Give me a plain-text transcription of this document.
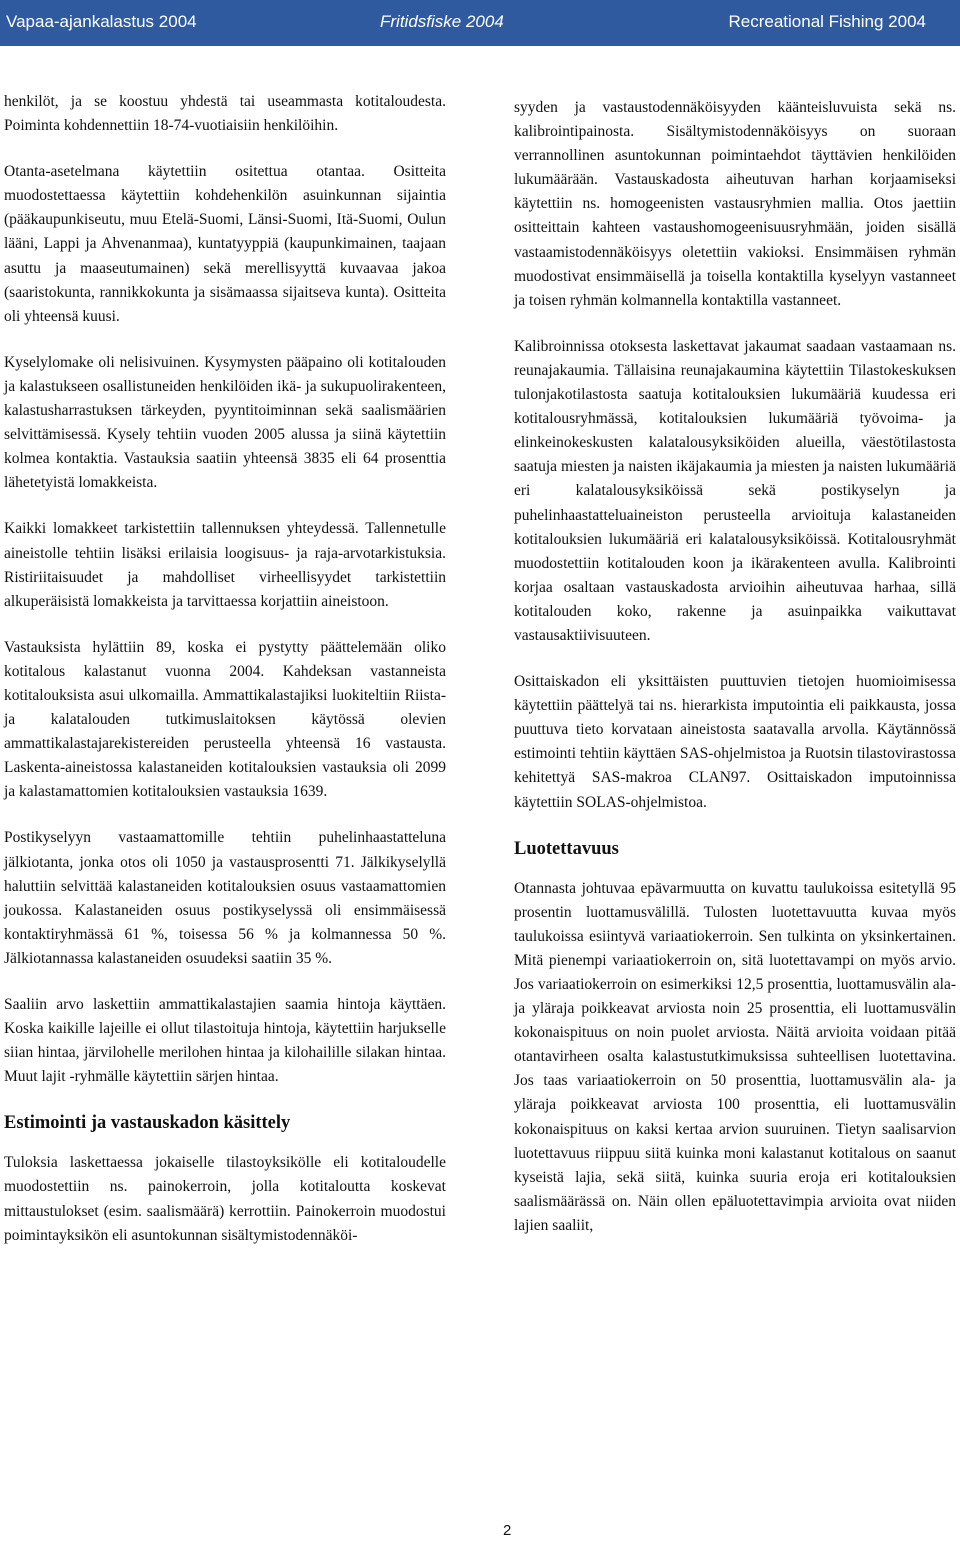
Vapaa-ajankalastus 2004	Fritidsfiske 2004	Recreational Fishing 2004

henkilöt, ja se koostuu yhdestä tai useammasta kotitaloudesta. Poiminta kohdennettiin 18-74-vuotiaisiin henkilöihin.

Otanta-asetelmana käytettiin ositettua otantaa. Ositteita muodostettaessa käytettiin kohdehenkilön asuinkunnan sijaintia (pääkaupunkiseutu, muu Etelä-Suomi, Länsi-Suomi, Itä-Suomi, Oulun lääni, Lappi ja Ahvenanmaa), kuntatyyppiä (kaupunkimainen, taajaan asuttu ja maaseutumainen) sekä merellisyyttä kuvaavaa jakoa (saaristokunta, rannikkokunta ja sisämaassa sijaitseva kunta). Ositteita oli yhteensä kuusi.

Kyselylomake oli nelisivuinen. Kysymysten pääpaino oli kotitalouden ja kalastukseen osallistuneiden henkilöiden ikä- ja sukupuolirakenteen, kalastusharrastuksen tärkeyden, pyyntitoiminnan sekä saalismäärien selvittämisessä. Kysely tehtiin vuoden 2005 alussa ja siinä käytettiin kolmea kontaktia. Vastauksia saatiin yhteensä 3835 eli 64 prosenttia lähetetyistä lomakkeista.

Kaikki lomakkeet tarkistettiin tallennuksen yhteydessä. Tallennetulle aineistolle tehtiin lisäksi erilaisia loogisuus- ja raja-arvotarkistuksia. Ristiriitaisuudet ja mahdolliset virheellisyydet tarkistettiin alkuperäisistä lomakkeista ja tarvittaessa korjattiin aineistoon.

Vastauksista hylättiin 89, koska ei pystytty päättelemään oliko kotitalous kalastanut vuonna 2004. Kahdeksan vastanneista kotitalouksista asui ulkomailla. Ammattikalastajiksi luokiteltiin Riista- ja kalatalouden tutkimuslaitoksen käytössä olevien ammattikalastajarekistereiden perusteella yhteensä 16 vastausta. Laskenta-aineistossa kalastaneiden kotitalouksien vastauksia oli 2099 ja kalastamattomien kotitalouksien vastauksia 1639.

Postikyselyyn vastaamattomille tehtiin puhelinhaastatteluna jälkiotanta, jonka otos oli 1050 ja vastausprosentti 71. Jälkikyselyllä haluttiin selvittää kalastaneiden kotitalouksien osuus vastaamattomien joukossa. Kalastaneiden osuus postikyselyssä oli ensimmäisessä kontaktiryhmässä 61 %, toisessa 56 % ja kolmannessa 50 %. Jälkiotannassa kalastaneiden osuudeksi saatiin 35 %.

Saaliin arvo laskettiin ammattikalastajien saamia hintoja käyttäen. Koska kaikille lajeille ei ollut tilastoituja hintoja, käytettiin harjukselle siian hintaa, järvilohelle merilohen hintaa ja kilohailille silakan hintaa. Muut lajit -ryhmälle käytettiin särjen hintaa.

Estimointi ja vastauskadon käsittely

Tuloksia laskettaessa jokaiselle tilastoyksikölle eli kotitaloudelle muodostettiin ns. painokerroin, jolla kotitaloutta koskevat mittaustulokset (esim. saalismäärä) kerrottiin. Painokerroin muodostui poimintayksikön eli asuntokunnan sisältymistodennäköi-

syyden ja vastaustodennäköisyyden käänteisluvuista sekä ns. kalibrointipainosta. Sisältymistodennäköisyys on suoraan verrannollinen asuntokunnan poimintaehdot täyttävien henkilöiden lukumäärään. Vastauskadosta aiheutuvan harhan korjaamiseksi käytettiin ns. homogeenisten vastausryhmien mallia. Otos jaettiin ositteittain kahteen vastaushomogeenisuusryhmään, joiden sisällä vastaamistodennäköisyys oletettiin vakioksi. Ensimmäisen ryhmän muodostivat ensimmäisellä ja toisella kontaktilla kyselyyn vastanneet ja toisen ryhmän kolmannella kontaktilla vastanneet.

Kalibroinnissa otoksesta laskettavat jakaumat saadaan vastaamaan ns. reunajakaumia. Tällaisina reunajakaumina käytettiin Tilastokeskuksen tulonjakotilastosta saatuja kotitalouksien lukumääriä kuudessa eri kotitalousryhmässä, kotitalouksien lukumääriä työvoima- ja elinkeinokeskusten kalatalousyksiköiden alueilla, väestötilastosta saatuja miesten ja naisten ikäjakaumia ja miesten ja naisten lukumääriä eri kalatalousyksiköissä sekä postikyselyn ja puhelinhaastatteluaineiston perusteella arvioituja kalastaneiden kotitalouksien lukumääriä eri kalatalousyksiköissä. Kotitalousryhmät muodostettiin kotitalouden koon ja ikärakenteen avulla. Kalibrointi korjaa osaltaan vastauskadosta arvioihin aiheutuvaa harhaa, sillä kotitalouden koko, rakenne ja asuinpaikka vaikuttavat vastausaktiivisuuteen.

Osittaiskadon eli yksittäisten puuttuvien tietojen huomioimisessa käytettiin päättelyä tai ns. hierarkista imputointia eli paikkausta, jossa puuttuva tieto korvataan aineistosta saatavalla arvolla. Käytännössä estimointi tehtiin käyttäen SAS-ohjelmistoa ja Ruotsin tilastovirastossa kehitettyä SAS-makroa CLAN97. Osittaiskadon imputoinnissa käytettiin SOLAS-ohjelmistoa.

Luotettavuus

Otannasta johtuvaa epävarmuutta on kuvattu taulukoissa esitetyllä 95 prosentin luottamusvälillä. Tulosten luotettavuutta kuvaa myös taulukoissa esiintyvä variaatiokerroin. Sen tulkinta on yksinkertainen. Mitä pienempi variaatiokerroin on, sitä luotettavampi on myös arvio. Jos variaatiokerroin on esimerkiksi 12,5 prosenttia, luottamusvälin ala- ja yläraja poikkeavat arviosta noin 25 prosenttia, eli luottamusvälin kokonaispituus on noin puolet arviosta. Näitä arvioita voidaan pitää otantavirheen osalta kalastustutkimuksissa suhteellisen luotettavina. Jos taas variaatiokerroin on 50 prosenttia, luottamusvälin ala- ja yläraja poikkeavat arviosta 100 prosenttia, eli luottamusvälin kokonaispituus on kaksi kertaa arvion suuruinen. Tietyn saalisarvion luotettavuus riippuu siitä kuinka moni kalastanut kotitalous on saanut kyseistä lajia, sekä siitä, kuinka suuria eroja eri kotitalouksien saalismäärässä on. Näin ollen epäluotettavimpia arvioita ovat niiden lajien saaliit,

2
